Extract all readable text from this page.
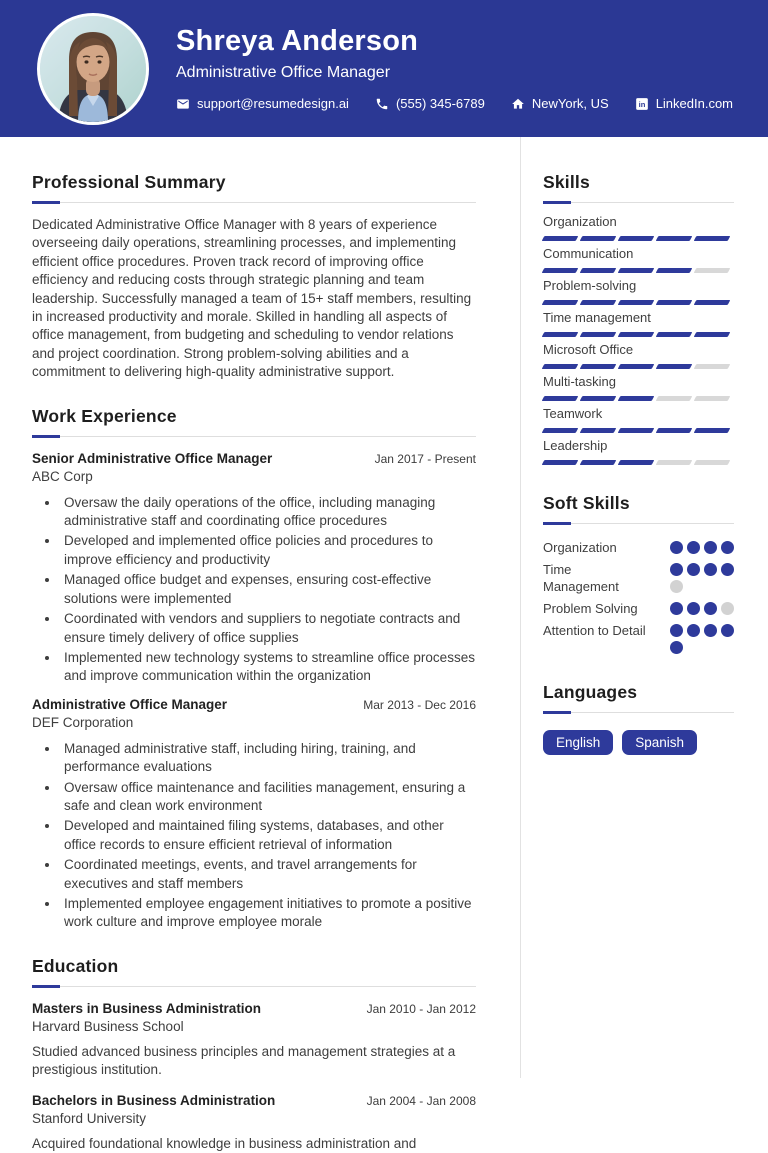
Shreya Anderson
Administrative Office Manager
support@resumedesign.ai	(555) 345-6789	NewYork, US in LinkedIn.com
Professional Summary

Dedicated Administrative Office Manager with 8 years of experience overseeing daily operations, streamlining processes, and implementing efficient office procedures. Proven track record of improving office efficiency and reducing costs through strategic planning and team leadership. Successfully managed a team of 15+ staff members, resulting in increased productivity and morale. Skilled in handling all aspects of office management, from budgeting and scheduling to vendor relations and project coordination. Strong problem-solving abilities and a commitment to delivering high-quality administrative support.

Work Experience
Senior Administrative Office Manager	Jan 2017 - Present
ABC Corp
• Oversaw the daily operations of the office, including managing administrative staff and coordinating office procedures
• Developed and implemented office policies and procedures to improve efficiency and productivity
• Managed office budget and expenses, ensuring cost-effective solutions were implemented
• Coordinated with vendors and suppliers to negotiate contracts and ensure timely delivery of office supplies
• Implemented new technology systems to streamline office processes and improve communication within the organization
Administrative Office Manager	Mar 2013 - Dec 2016
DEF Corporation
• Managed administrative staff, including hiring, training, and performance evaluations
• Oversaw office maintenance and facilities management, ensuring a safe and clean work environment
• Developed and maintained filing systems, databases, and other office records to ensure efficient retrieval of information
• Coordinated meetings, events, and travel arrangements for executives and staff members
• Implemented employee engagement initiatives to promote a positive work culture and improve employee morale
Education
Masters in Business Administration	Jan 2010 - Jan 2012
Harvard Business School
Studied advanced business principles and management strategies at a prestigious institution.
Bachelors in Business Administration	Jan 2004 - Jan 2008
Stanford University
Acquired foundational knowledge in business administration and
Skills
Organization
Communication
Problem-solving
Time management
Microsoft Office
Multi-tasking
Teamwork
Leadership
Soft Skills
Organization
Time Management
Problem Solving
Attention to Detail
Languages
English	Spanish
